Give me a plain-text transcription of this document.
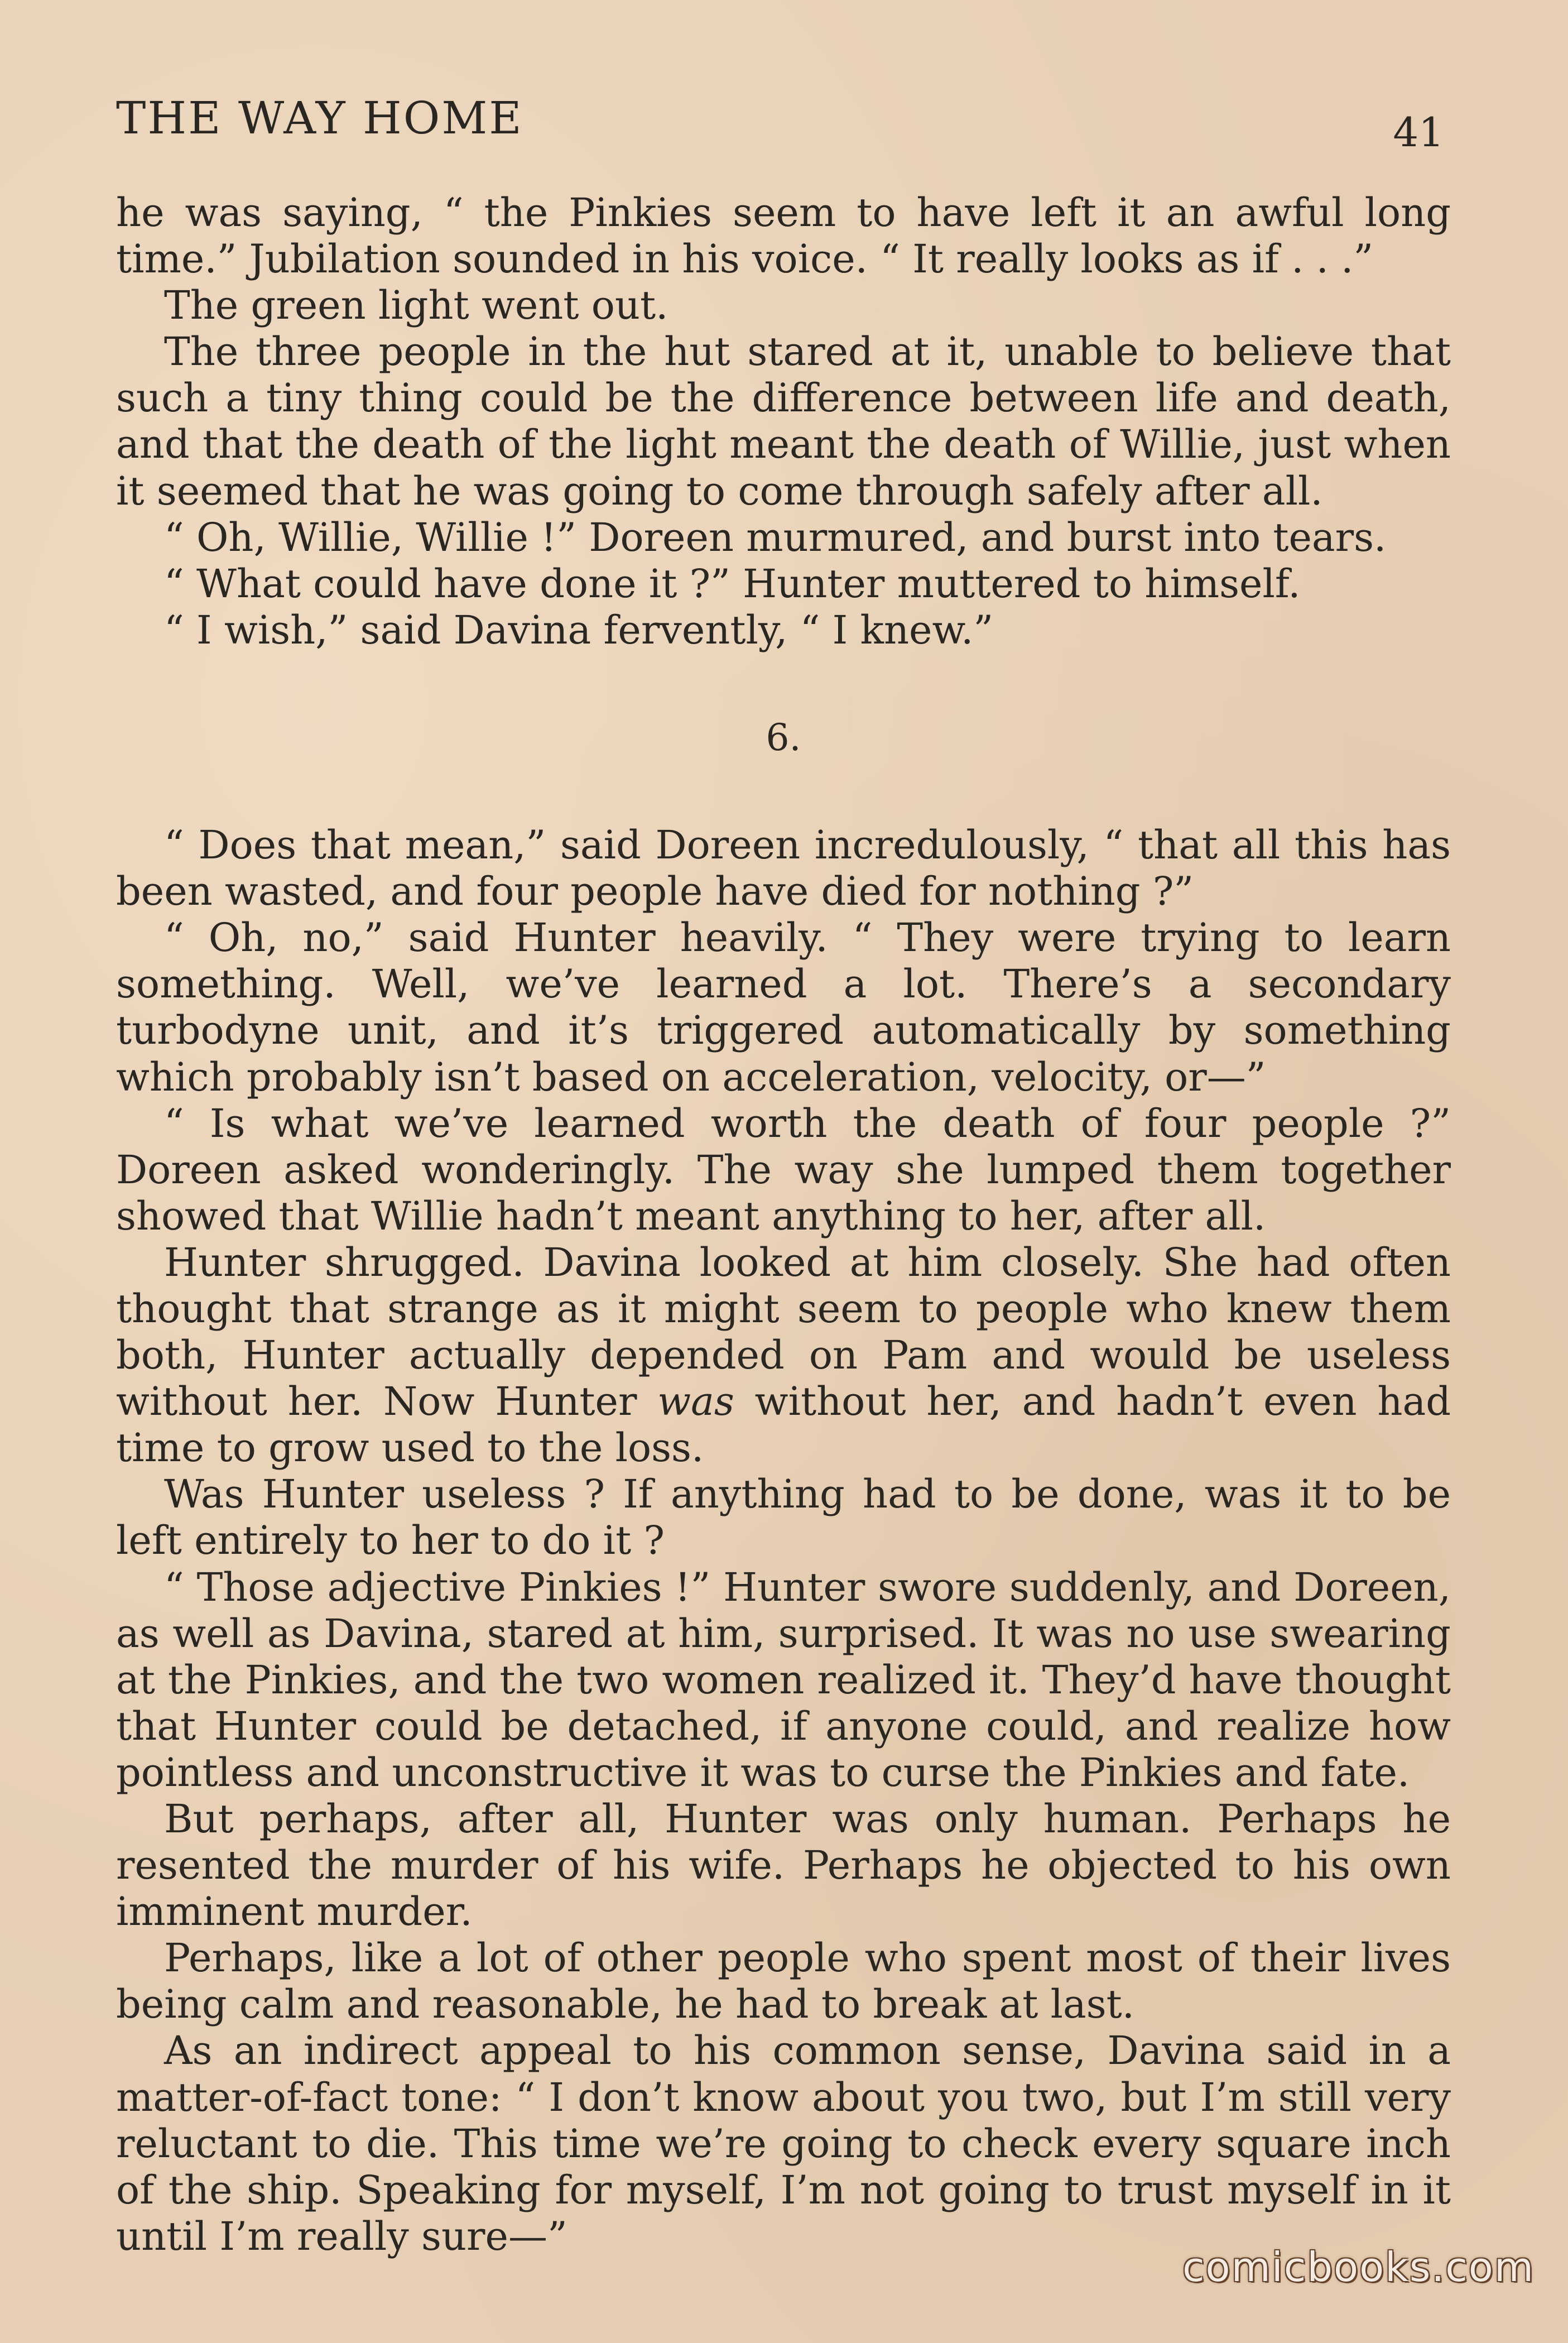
THE WAY HOME	41

he was saying, “ the Pinkies seem to have left it an awful long time.” Jubilation sounded in his voice. “ It really looks as if . . .”

The green light went out.

The three people in the hut stared at it, unable to believe that such a tiny thing could be the difference between life and death, and that the death of the light meant the death of Willie, just when it seemed that he was going to come through safely after all.

“ Oh, Willie, Willie !” Doreen murmured, and burst into tears.

“ What could have done it ?” Hunter muttered to himself.

“ I wish,” said Davina fervently, “ I knew.”

6.

“ Does that mean,” said Doreen incredulously, “ that all this has been wasted, and four people have died for nothing ?”

“ Oh, no,” said Hunter heavily. “ They were trying to learn something. Well, we’ve learned a lot. There’s a secondary turbodyne unit, and it’s triggered automatically by something which probably isn’t based on acceleration, velocity, or—”

“ Is what we’ve learned worth the death of four people ?” Doreen asked wonderingly. The way she lumped them together showed that Willie hadn’t meant anything to her, after all.

Hunter shrugged. Davina looked at him closely. She had often thought that strange as it might seem to people who knew them both, Hunter actually depended on Pam and would be useless without her. Now Hunter was without her, and hadn’t even had time to grow used to the loss.

Was Hunter useless ? If anything had to be done, was it to be left entirely to her to do it ?

“ Those adjective Pinkies !” Hunter swore suddenly, and Doreen, as well as Davina, stared at him, surprised. It was no use swearing at the Pinkies, and the two women realized it. They’d have thought that Hunter could be detached, if anyone could, and realize how pointless and unconstructive it was to curse the Pinkies and fate.

But perhaps, after all, Hunter was only human. Perhaps he resented the murder of his wife. Perhaps he objected to his own imminent murder.

Perhaps, like a lot of other people who spent most of their lives being calm and reasonable, he had to break at last.

As an indirect appeal to his common sense, Davina said in a matter-of-fact tone: “ I don’t know about you two, but I’m still very reluctant to die. This time we’re going to check every square inch of the ship. Speaking for myself, I’m not going to trust myself in it until I’m really sure—”

comicbooks.com
